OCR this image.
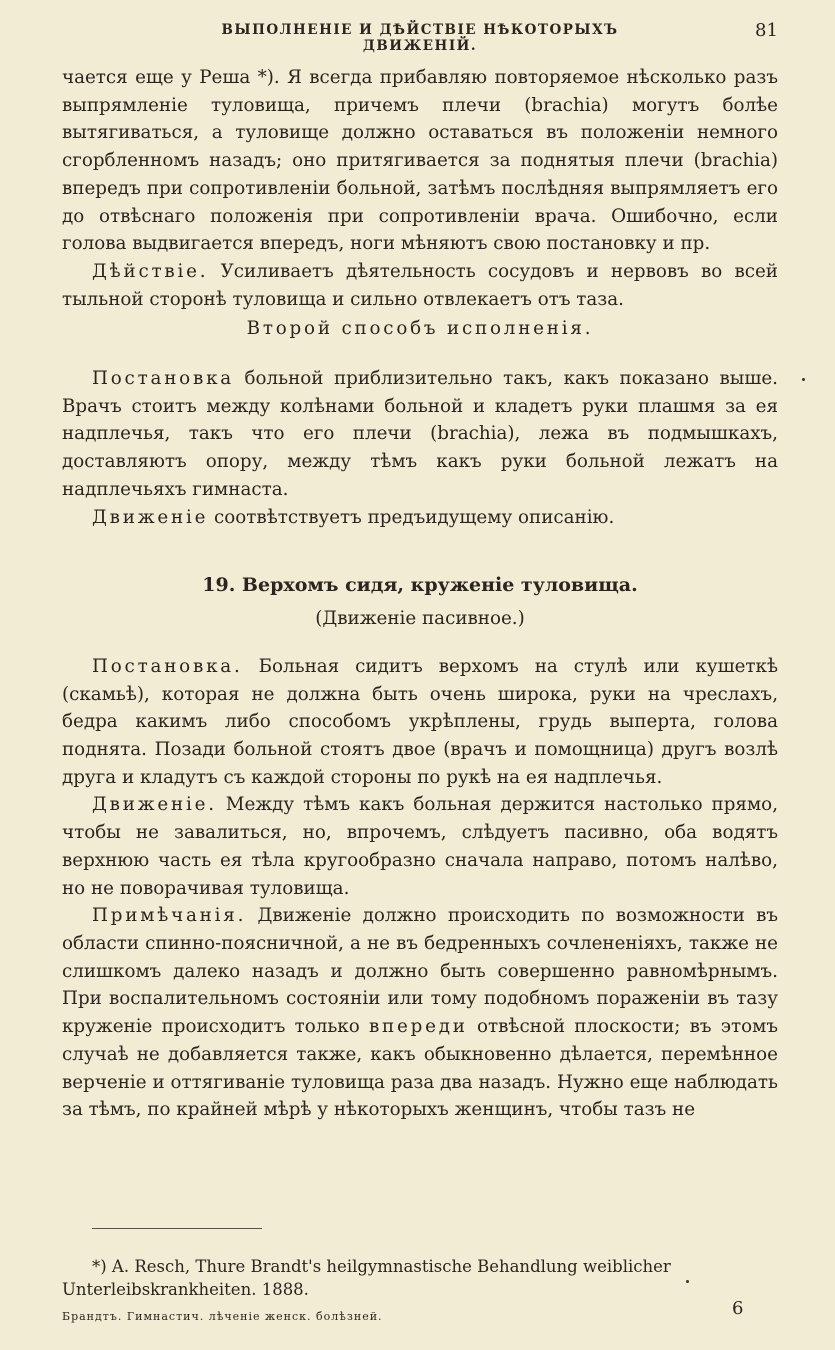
ВЫПОЛНЕНІЕ И ДѢЙСТВІЕ НѢКОТОРЫХЪ ДВИЖЕНІЙ.
81

чается еще у Реша *). Я всегда прибавляю повторяемое нѣсколько разъ выпрямленіе туловища, причемъ плечи (brachia) могутъ болѣе вытягиваться, а туловище должно оставаться въ положеніи немного сгорбленномъ назадъ; оно притягивается за поднятыя плечи (brachia) впередъ при сопротивленіи больной, затѣмъ послѣдняя выпрямляетъ его до отвѣснаго положенія при сопротивленіи врача. Ошибочно, если голова выдвигается впередъ, ноги мѣняютъ свою постановку и пр.

Дѣйствіе. Усиливаетъ дѣятельность сосудовъ и нервовъ во всей тыльной сторонѣ туловища и сильно отвлекаетъ отъ таза.

Второй способъ исполненія.

Постановка больной приблизительно такъ, какъ показано выше. Врачъ стоитъ между колѣнами больной и кладетъ руки плашмя за ея надплечья, такъ что его плечи (brachia), лежа въ подмышкахъ, доставляютъ опору, между тѣмъ какъ руки больной лежатъ на надплечьяхъ гимнаста.

Движеніе соотвѣтствуетъ предъидущему описанію.

19. Верхомъ сидя, круженіе туловища.
(Движеніе пасивное.)

Постановка. Больная сидитъ верхомъ на стулѣ или кушеткѣ (скамьѣ), которая не должна быть очень широка, руки на чреслахъ, бедра какимъ либо способомъ укрѣплены, грудь выперта, голова поднята. Позади больной стоятъ двое (врачъ и помощница) другъ возлѣ друга и кладутъ съ каждой стороны по рукѣ на ея надплечья.

Движеніе. Между тѣмъ какъ больная держится настолько прямо, чтобы не завалиться, но, впрочемъ, слѣдуетъ пасивно, оба водятъ верхнюю часть ея тѣла кругообразно сначала направо, потомъ налѣво, но не поворачивая туловища.

Примѣчанія. Движеніе должно происходить по возможности въ области спинно-поясничной, а не въ бедренныхъ сочлененіяхъ, также не слишкомъ далеко назадъ и должно быть совершенно равномѣрнымъ. При воспалительномъ состояніи или тому подобномъ пораженіи въ тазу круженіе происходитъ только впереди отвѣсной плоскости; въ этомъ случаѣ не добавляется также, какъ обыкновенно дѣлается, перемѣнное верченіе и оттягиваніе туловища раза два назадъ. Нужно еще наблюдать за тѣмъ, по крайней мѣрѣ у нѣкоторыхъ женщинъ, чтобы тазъ не

*) A. Resch, Thure Brandt's heilgymnastische Behandlung weiblicher Unterleibskrankheiten. 1888.

Брандтъ. Гимнастич. лѣченіе женск. болѣзней.	6
